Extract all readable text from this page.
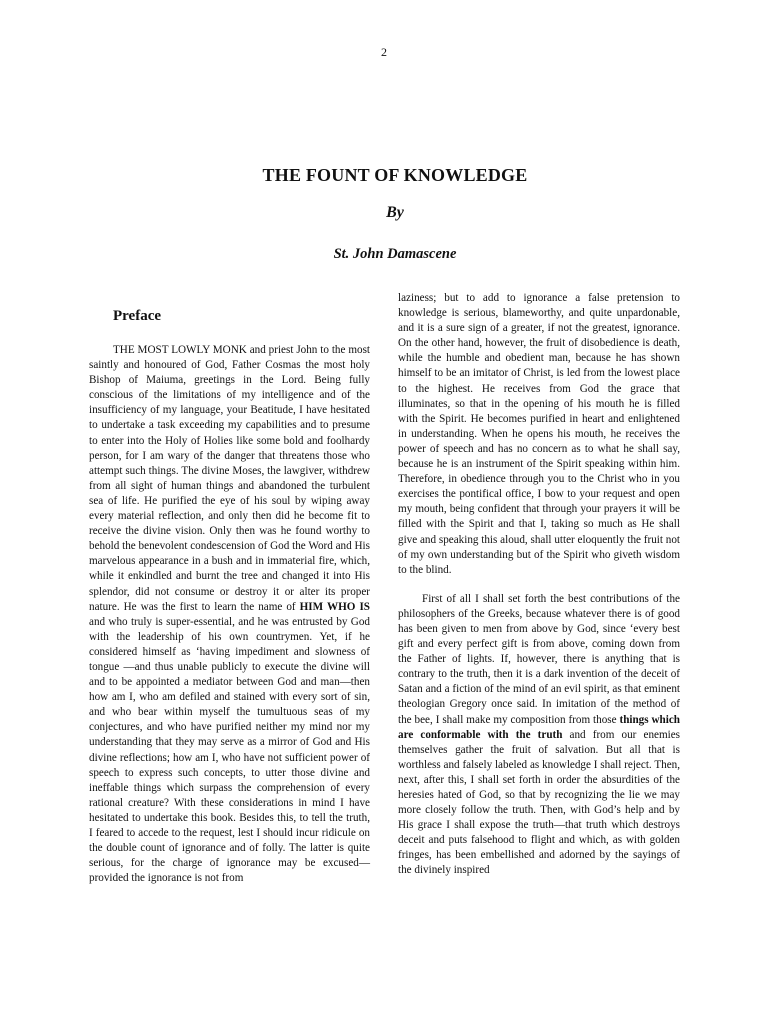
2
THE FOUNT OF KNOWLEDGE
By
St. John Damascene
Preface

THE MOST LOWLY MONK and priest John to the most saintly and honoured of God, Father Cosmas the most holy Bishop of Maiuma, greetings in the Lord. Being fully conscious of the limitations of my intelligence and of the insufficiency of my language, your Beatitude, I have hesitated to undertake a task exceeding my capabilities and to presume to enter into the Holy of Holies like some bold and foolhardy person, for I am wary of the danger that threatens those who attempt such things. The divine Moses, the lawgiver, withdrew from all sight of human things and abandoned the turbulent sea of life. He purified the eye of his soul by wiping away every material reflection, and only then did he become fit to receive the divine vision. Only then was he found worthy to behold the benevolent condescension of God the Word and His marvelous appearance in a bush and in immaterial fire, which, while it enkindled and burnt the tree and changed it into His splendor, did not consume or destroy it or alter its proper nature. He was the first to learn the name of HIM WHO IS and who truly is super-essential, and he was entrusted by God with the leadership of his own countrymen. Yet, if he considered himself as ‘having impediment and slowness of tongue —and thus unable publicly to execute the divine will and to be appointed a mediator between God and man—then how am I, who am defiled and stained with every sort of sin, and who bear within myself the tumultuous seas of my conjectures, and who have purified neither my mind nor my understanding that they may serve as a mirror of God and His divine reflections; how am I, who have not sufficient power of speech to express such concepts, to utter those divine and ineffable things which surpass the comprehension of every rational creature? With these considerations in mind I have hesitated to undertake this book. Besides this, to tell the truth, I feared to accede to the request, lest I should incur ridicule on the double count of ignorance and of folly. The latter is quite serious, for the charge of ignorance may be excused—provided the ignorance is not from

laziness; but to add to ignorance a false pretension to knowledge is serious, blameworthy, and quite unpardonable, and it is a sure sign of a greater, if not the greatest, ignorance. On the other hand, however, the fruit of disobedience is death, while the humble and obedient man, because he has shown himself to be an imitator of Christ, is led from the lowest place to the highest. He receives from God the grace that illuminates, so that in the opening of his mouth he is filled with the Spirit. He becomes purified in heart and enlightened in understanding. When he opens his mouth, he receives the power of speech and has no concern as to what he shall say, because he is an instrument of the Spirit speaking within him. Therefore, in obedience through you to the Christ who in you exercises the pontifical office, I bow to your request and open my mouth, being confident that through your prayers it will be filled with the Spirit and that I, taking so much as He shall give and speaking this aloud, shall utter eloquently the fruit not of my own understanding but of the Spirit who giveth wisdom to the blind.

First of all I shall set forth the best contributions of the philosophers of the Greeks, because whatever there is of good has been given to men from above by God, since ‘every best gift and every perfect gift is from above, coming down from the Father of lights. If, however, there is anything that is contrary to the truth, then it is a dark invention of the deceit of Satan and a fiction of the mind of an evil spirit, as that eminent theologian Gregory once said. In imitation of the method of the bee, I shall make my composition from those things which are conformable with the truth and from our enemies themselves gather the fruit of salvation. But all that is worthless and falsely labeled as knowledge I shall reject. Then, next, after this, I shall set forth in order the absurdities of the heresies hated of God, so that by recognizing the lie we may more closely follow the truth. Then, with God’s help and by His grace I shall expose the truth—that truth which destroys deceit and puts falsehood to flight and which, as with golden fringes, has been embellished and adorned by the sayings of the divinely inspired
